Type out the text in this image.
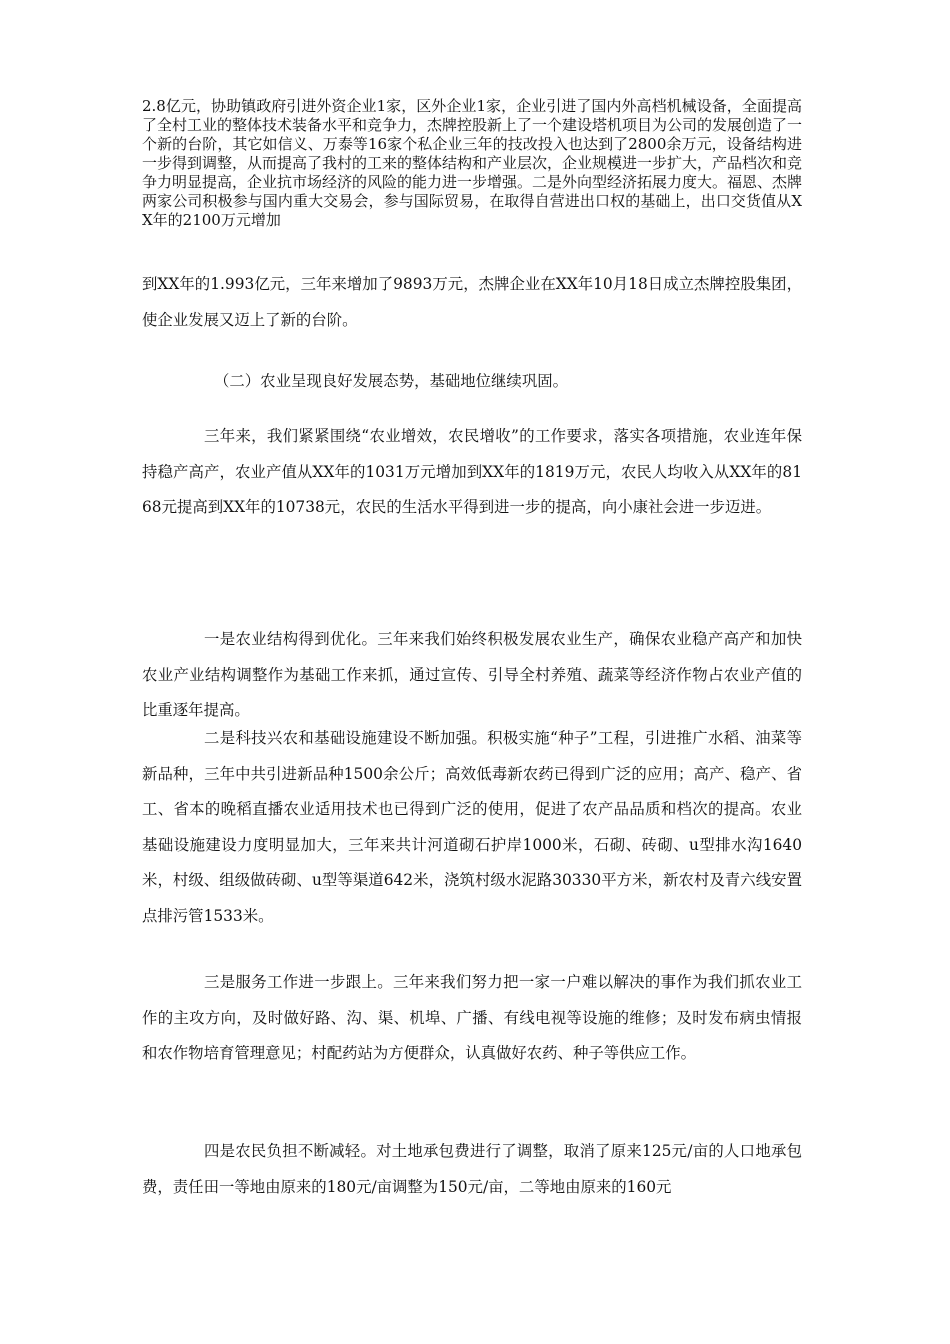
2.8亿元，协助镇政府引进外资企业1家，区外企业1家，企业引进了国内外高档机械设备，全面提高了全村工业的整体技术装备水平和竞争力，杰牌控股新上了一个建设塔机项目为公司的发展创造了一个新的台阶，其它如信义、万泰等16家个私企业三年的技改投入也达到了2800余万元，设备结构进一步得到调整，从而提高了我村的工来的整体结构和产业层次，企业规模进一步扩大，产品档次和竞争力明显提高，企业抗市场经济的风险的能力进一步增强。二是外向型经济拓展力度大。福恩、杰牌两家公司积极参与国内重大交易会，参与国际贸易，在取得自营进出口权的基础上，出口交货值从XX年的2100万元增加

到XX年的1.993亿元，三年来增加了9893万元，杰牌企业在XX年10月18日成立杰牌控股集团，使企业发展又迈上了新的台阶。

（二）农业呈现良好发展态势，基础地位继续巩固。

三年来，我们紧紧围绕“农业增效，农民增收”的工作要求，落实各项措施，农业连年保持稳产高产，农业产值从XX年的1031万元增加到XX年的1819万元，农民人均收入从XX年的8168元提高到XX年的10738元，农民的生活水平得到进一步的提高，向小康社会进一步迈进。

一是农业结构得到优化。三年来我们始终积极发展农业生产，确保农业稳产高产和加快农业产业结构调整作为基础工作来抓，通过宣传、引导全村养殖、蔬菜等经济作物占农业产值的比重逐年提高。

二是科技兴农和基础设施建设不断加强。积极实施“种子”工程，引进推广水稻、油菜等新品种，三年中共引进新品种1500余公斤；高效低毒新农药已得到广泛的应用；高产、稳产、省工、省本的晚稻直播农业适用技术也已得到广泛的使用，促进了农产品品质和档次的提高。农业基础设施建设力度明显加大，三年来共计河道砌石护岸1000米，石砌、砖砌、u型排水沟1640米，村级、组级做砖砌、u型等渠道642米，浇筑村级水泥路30330平方米，新农村及青六线安置点排污管1533米。

三是服务工作进一步跟上。三年来我们努力把一家一户难以解决的事作为我们抓农业工作的主攻方向，及时做好路、沟、渠、机埠、广播、有线电视等设施的维修；及时发布病虫情报和农作物培育管理意见；村配药站为方便群众，认真做好农药、种子等供应工作。

四是农民负担不断减轻。对土地承包费进行了调整，取消了原来125元/亩的人口地承包费，责任田一等地由原来的180元/亩调整为150元/亩，二等地由原来的160元
